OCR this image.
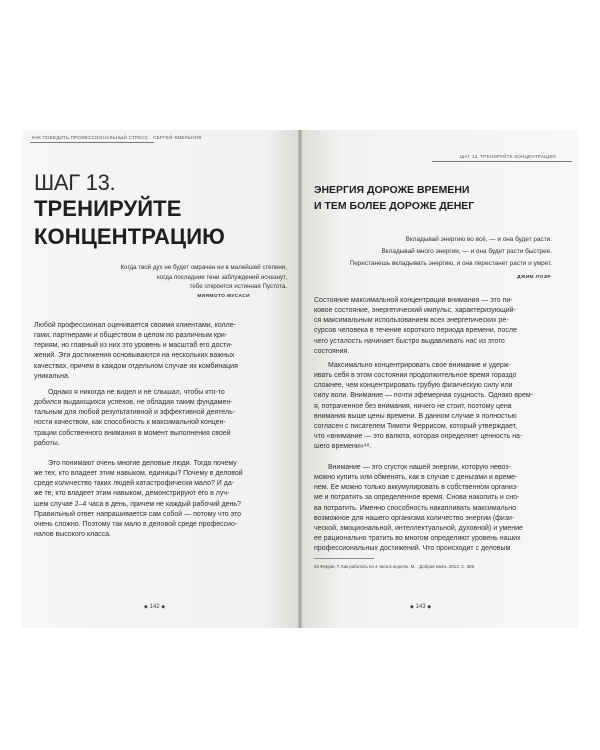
КАК ПОБЕДИТЬ ПРОФЕССИОНАЛЬНЫЙ СТРЕСС · СЕРГЕЙ ХМЕЛЬНОВ
ШАГ 13.
ТРЕНИРУЙТЕ
КОНЦЕНТРАЦИЮ
Когда твой дух не будет омрачен ни в малейшей степени,
когда последние тени заблуждений исчезнут,
тебе откроется истинная Пустота.
МИЯМОТО МУСАСИ
Любой профессионал оценивается своими клиентами, колле-
гами, партнерами и обществом в целом по различным кри-
териям, но главный из них это уровень и масштаб его дости-
жений. Эти достижения основываются на нескольких важных
качествах, причем в каждом отдельном случае их комбинация
уникальна.
Однако я никогда не видел и не слышал, чтобы кто-то
добился выдающихся успехов, не обладая таким фундамен-
тальным для любой результативной и эффективной деятель-
ности качеством, как способность к максимальной концен-
трации собственного внимания в момент выполнения своей
работы.
Это понимают очень многие деловые люди. Тогда почему
же тех, кто владеет этим навыком, единицы? Почему в деловой
среде количество таких людей катастрофически мало? И да-
же те, кто владеет этим навыком, демонстрируют его в луч-
шем случае 2–4 часа в день, причем не каждый рабочий день?
Правильный ответ напрашивается сам собой — потому что это
очень сложно. Поэтому так мало в деловой среде профессио-
налов высокого класса.
◆ 142 ◆
ШАГ 13. ТРЕНИРУЙТЕ КОНЦЕНТРАЦИЮ
ЭНЕРГИЯ ДОРОЖЕ ВРЕМЕНИ
И ТЕМ БОЛЕЕ ДОРОЖЕ ДЕНЕГ
Вкладывай энергию во всё, — и она будет расти.
Вкладывай много энергии, — и она будет расти быстрее.
Перестанешь вкладывать энергию, и она перестанет расти и умрет.
ДЖИМ ЛОЭР
Состояние максимальной концентрации внимания — это пи-
ковое состояние, энергетический импульс, характеризующий-
ся максимальным использованием всех энергетических ре-
сурсов человека в течение короткого периода времени, после
чего усталость начинает быстро выдавливать нас из этого
состояния.
Максимально концентрировать свое внимание и удерж-
ивать себя в этом состоянии продолжительное время гораздо
сложнее, чем концентрировать грубую физическую силу или
силу воли. Внимание — почти эфемерная сущность. Однако врем-
я, потраченное без внимания, ничего не стоит, поэтому цена
внимания выше цены времени. В данном случае я полностью
согласен с писателем Тимоти Феррисом, который утверждает,
что «внимание — это валюта, которая определяет ценность на-
шего времени»⁴⁸.
Внимание — это сгусток нашей энергии, которую невоз-
можно купить или обменять, как в случае с деньгами и време-
нем. Ее можно только аккумулировать в собственном организ-
ме и потратить за определенное время. Снова накопить и сно-
ва потратить. Именно способность накапливать максимально
возможное для нашего организма количество энергии (физи-
ческой, эмоциональной, интеллектуальной, духовной) и умение
ее рационально тратить во многом определяют уровень наших
профессиональных достижений. Что происходит с деловым
48 Феррис Т. Как работать по 4 часа в неделю. М. : Добрая книга, 2013. С. 388.
◆ 143 ◆
